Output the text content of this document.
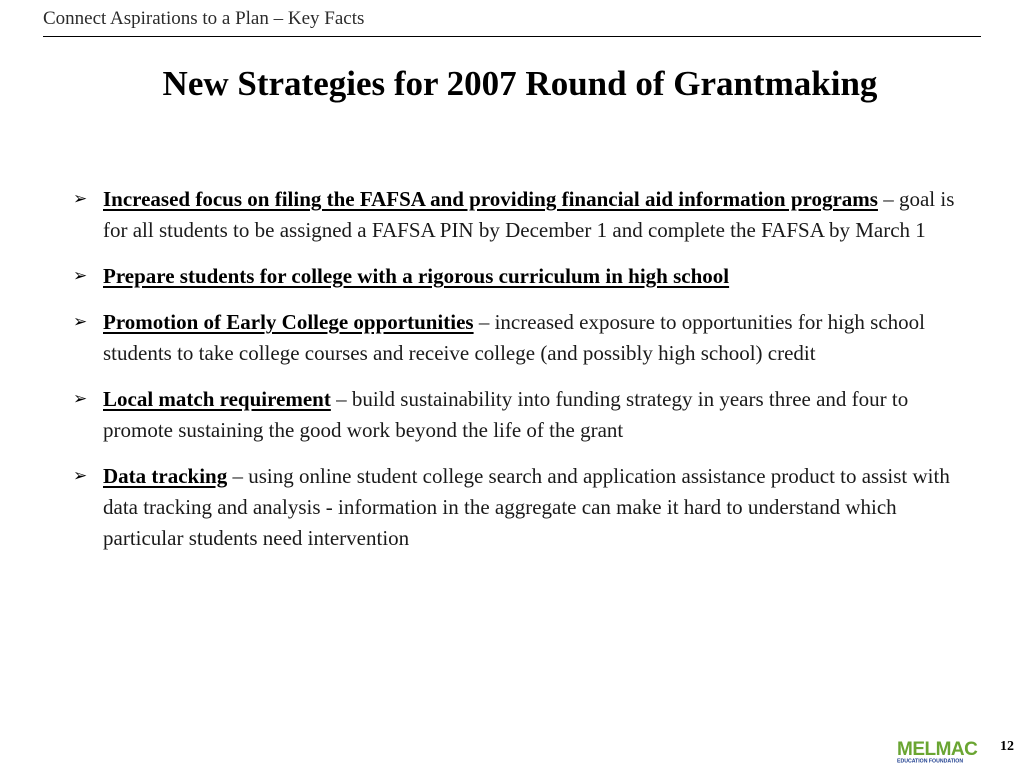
Connect Aspirations to a Plan – Key Facts
New Strategies for 2007 Round of Grantmaking
➢ Increased focus on filing the FAFSA and providing financial aid information programs – goal is for all students to be assigned a FAFSA PIN by December 1 and complete the FAFSA by March 1
➢ Prepare students for college with a rigorous curriculum in high school
➢ Promotion of Early College opportunities – increased exposure to opportunities for high school students to take college courses and receive college (and possibly high school) credit
➢ Local match requirement – build sustainability into funding strategy in years three and four to promote sustaining the good work beyond the life of the grant
➢ Data tracking – using online student college search and application assistance product to assist with data tracking and analysis - information in the aggregate can make it hard to understand which particular students need intervention
MELMAC
EDUCATION FOUNDATION
12
